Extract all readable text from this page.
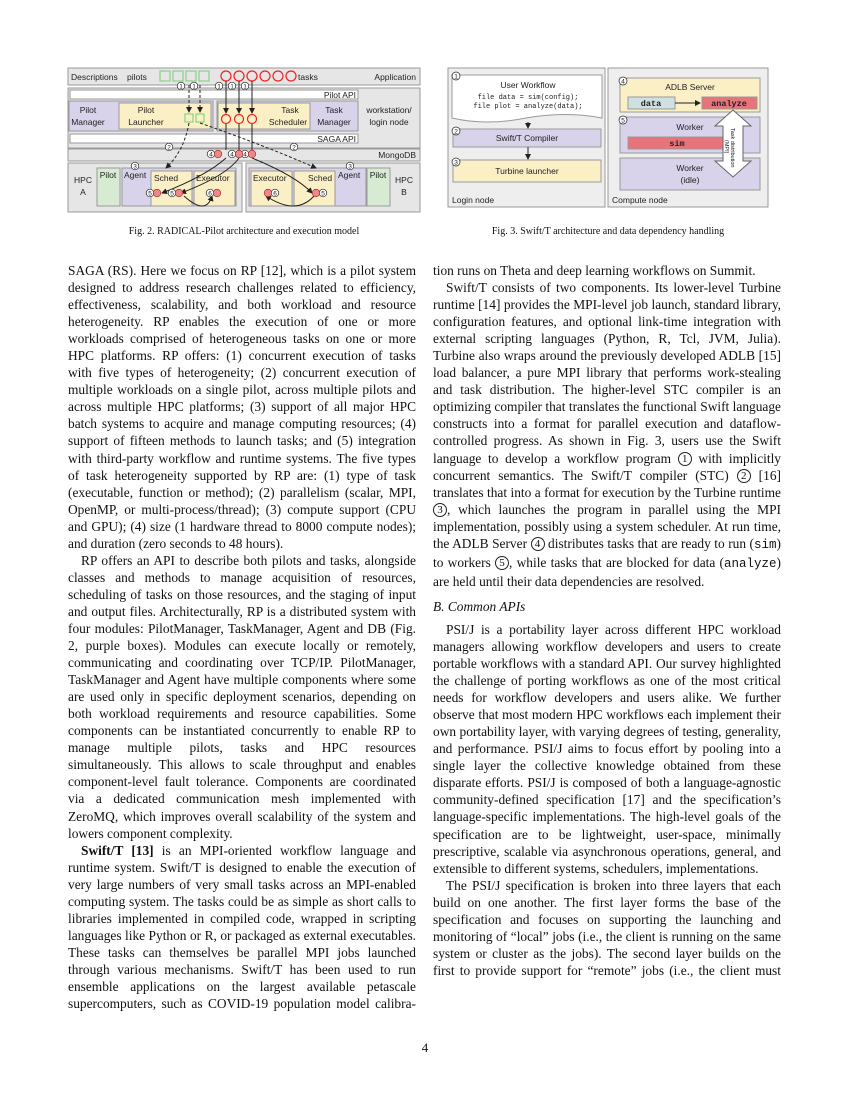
Descriptions pilots	tasks	Application
Pilot API
Pilot
Manager
Pilot
Launcher
Task
Scheduler
Task
Manager
workstation/
login node
SAGA API
MongoDB
HPC
A
Pilot Agent Sched Executor	Executor	Sched Agent Pilot HPC
B
1 1	1 1 1
2	2
4	4 4
3	3
5	5	6	6	5
Fig. 2. RADICAL-Pilot architecture and execution model
User Workflow
file data = sim(config);
file plot = analyze(data);
Swift/T Compiler
Turbine launcher
Login node
ADLB Server
data	analyze
Worker
sim
Worker
(idle)
Task distribution
(MPI)
Compute node
1
2
3
4
5
Fig. 3. Swift/T architecture and data dependency handling

SAGA (RS). Here we focus on RP [12], which is a pilot system designed to address research challenges related to efficiency, effectiveness, scalability, and both workload and resource heterogeneity. RP enables the execution of one or more workloads comprised of heterogeneous tasks on one or more HPC platforms. RP offers: (1) concurrent execution of tasks with five types of heterogeneity; (2) concurrent execution of multiple workloads on a single pilot, across multiple pilots and across multiple HPC platforms; (3) support of all major HPC batch systems to acquire and manage computing resources; (4) support of fifteen methods to launch tasks; and (5) integration with third-party workflow and runtime systems. The five types of task heterogeneity supported by RP are: (1) type of task (executable, function or method); (2) parallelism (scalar, MPI, OpenMP, or multi-process/thread); (3) compute support (CPU and GPU); (4) size (1 hardware thread to 8000 compute nodes); and duration (zero seconds to 48 hours).

RP offers an API to describe both pilots and tasks, alongside classes and methods to manage acquisition of resources, scheduling of tasks on those resources, and the staging of input and output files. Architecturally, RP is a distributed system with four modules: PilotManager, TaskManager, Agent and DB (Fig. 2, purple boxes). Modules can execute locally or remotely, communicating and coordinating over TCP/IP. PilotManager, TaskManager and Agent have multiple components where some are used only in specific deployment scenarios, depending on both workload requirements and resource capabilities. Some components can be instantiated concurrently to enable RP to manage multiple pilots, tasks and HPC resources simultaneously. This allows to scale throughput and enables component-level fault tolerance. Components are coordinated via a dedicated communication mesh implemented with ZeroMQ, which improves overall scalability of the system and lowers component complexity.

Swift/T [13] is an MPI-oriented workflow language and runtime system. Swift/T is designed to enable the execution of very large numbers of very small tasks across an MPI-enabled computing system. The tasks could be as simple as short calls to libraries implemented in compiled code, wrapped in scripting languages like Python or R, or packaged as external executables. These tasks can themselves be parallel MPI jobs launched through various mechanisms. Swift/T has been used to run ensemble applications on the largest available petascale supercomputers, such as COVID-19 population model calibra-

tion runs on Theta and deep learning workflows on Summit.

Swift/T consists of two components. Its lower-level Turbine runtime [14] provides the MPI-level job launch, standard library, configuration features, and optional link-time integration with external scripting languages (Python, R, Tcl, JVM, Julia). Turbine also wraps around the previously developed ADLB [15] load balancer, a pure MPI library that performs work-stealing and task distribution. The higher-level STC compiler is an optimizing compiler that translates the functional Swift language constructs into a format for parallel execution and dataflow-controlled progress. As shown in Fig. 3, users use the Swift language to develop a workflow program 1 with implicitly concurrent semantics. The Swift/T compiler (STC) 2 [16] translates that into a format for execution by the Turbine runtime 3 , which launches the program in parallel using the MPI implementation, possibly using a system scheduler. At run time, the ADLB Server 4 distributes tasks that are ready to run (sim) to workers 5 , while tasks that are blocked for data (analyze) are held until their data dependencies are resolved.

B. Common APIs

PSI/J is a portability layer across different HPC workload managers allowing workflow developers and users to create portable workflows with a standard API. Our survey highlighted the challenge of porting workflows as one of the most critical needs for workflow developers and users alike. We further observe that most modern HPC workflows each implement their own portability layer, with varying degrees of testing, generality, and performance. PSI/J aims to focus effort by pooling into a single layer the collective knowledge obtained from these disparate efforts. PSI/J is composed of both a language-agnostic community-defined specification [17] and the specification’s language-specific implementations. The high-level goals of the specification are to be lightweight, user-space, minimally prescriptive, scalable via asynchronous operations, general, and extensible to different systems, schedulers, implementations.

The PSI/J specification is broken into three layers that each build on one another. The first layer forms the base of the specification and focuses on supporting the launching and monitoring of “local” jobs (i.e., the client is running on the same system or cluster as the jobs). The second layer builds on the first to provide support for “remote” jobs (i.e., the client must

4
